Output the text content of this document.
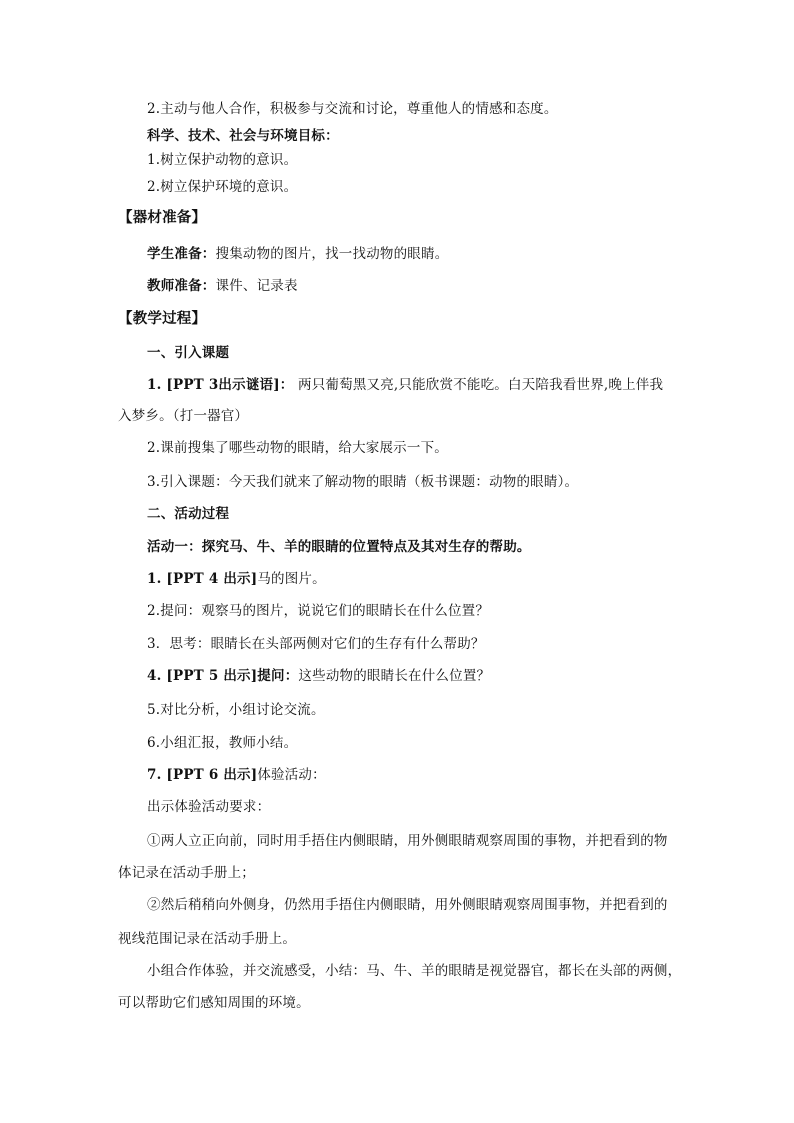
2.主动与他人合作，积极参与交流和讨论，尊重他人的情感和态度。
科学、技术、社会与环境目标：
1.树立保护动物的意识。
2.树立保护环境的意识。
【器材准备】
学生准备：搜集动物的图片，找一找动物的眼睛。
教师准备：课件、记录表
【教学过程】
一、引入课题
1. [PPT 3出示谜语]： 两只葡萄黑又亮,只能欣赏不能吃。白天陪我看世界,晚上伴我
入梦乡。（打一器官）
2.课前搜集了哪些动物的眼睛，给大家展示一下。
3.引入课题：今天我们就来了解动物的眼睛（板书课题：动物的眼睛）。
二、活动过程
活动一：探究马、牛、羊的眼睛的位置特点及其对生存的帮助。
1. [PPT 4 出示]马的图片。
2.提问：观察马的图片，说说它们的眼睛长在什么位置？
3．思考：眼睛长在头部两侧对它们的生存有什么帮助？
4. [PPT 5 出示]提问：这些动物的眼睛长在什么位置？
5.对比分析，小组讨论交流。
6.小组汇报，教师小结。
7. [PPT 6 出示]体验活动：
出示体验活动要求：
①两人立正向前，同时用手捂住内侧眼睛，用外侧眼睛观察周围的事物，并把看到的物
体记录在活动手册上；
②然后稍稍向外侧身，仍然用手捂住内侧眼睛，用外侧眼睛观察周围事物，并把看到的
视线范围记录在活动手册上。
小组合作体验，并交流感受，小结：马、牛、羊的眼睛是视觉器官，都长在头部的两侧，
可以帮助它们感知周围的环境。
